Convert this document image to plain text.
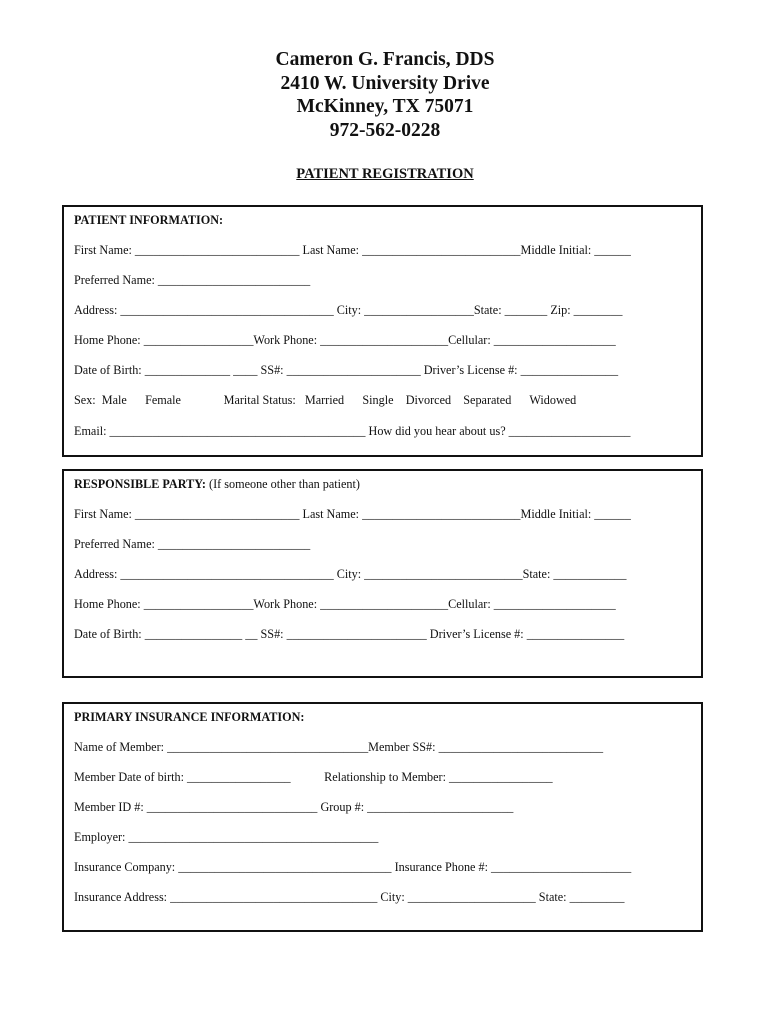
Cameron G. Francis, DDS
2410 W. University Drive
McKinney, TX 75071
972-562-0228
PATIENT REGISTRATION
PATIENT INFORMATION:
First Name: ___________________________ Last Name: __________________________Middle Initial: ______
Preferred Name: _________________________
Address: ___________________________________ City: __________________State: _______ Zip: ________
Home Phone: __________________Work Phone: _____________________Cellular: ____________________
Date of Birth: ______________ ____ SS#: ______________________ Driver’s License #: ________________
Sex:  Male      Female              Marital Status:   Married      Single    Divorced    Separated      Widowed
Email: __________________________________________ How did you hear about us? ____________________
RESPONSIBLE PARTY: (If someone other than patient)
First Name: ___________________________ Last Name: __________________________Middle Initial: ______
Preferred Name: _________________________
Address: ___________________________________ City: __________________________State: ____________
Home Phone: __________________Work Phone: _____________________Cellular: ____________________
Date of Birth: ________________ __ SS#: _______________________ Driver’s License #: ________________
PRIMARY INSURANCE INFORMATION:
Name of Member: _________________________________Member SS#: ___________________________
Member Date of birth: _________________           Relationship to Member: _________________
Member ID #: ____________________________ Group #: ________________________
Employer: _________________________________________
Insurance Company: ___________________________________ Insurance Phone #: _______________________
Insurance Address: __________________________________ City: _____________________ State: _________
